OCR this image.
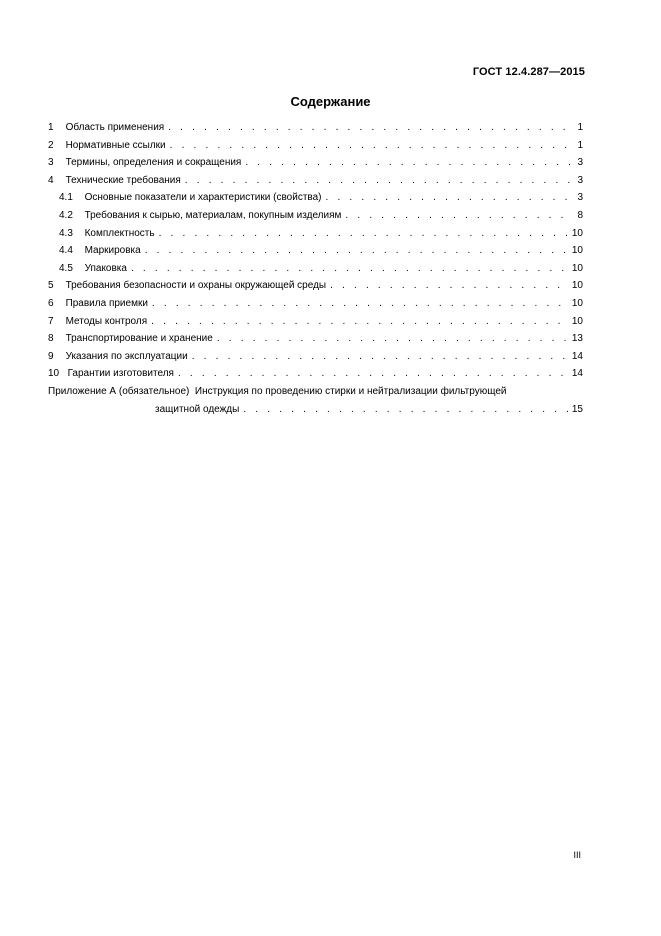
ГОСТ 12.4.287—2015
Содержание
1 Область применения . . .	1
2 Нормативные ссылки . . .	1
3 Термины, определения и сокращения . . .	3
4 Технические требования . . .	3
4.1 Основные показатели и характеристики (свойства) . . .	3
4.2 Требования к сырью, материалам, покупным изделиям . . .	8
4.3 Комплектность . . .	10
4.4 Маркировка . . .	10
4.5 Упаковка . . .	10
5 Требования безопасности и охраны окружающей среды . . .	10
6 Правила приемки . . .	10
7 Методы контроля . . .	10
8 Транспортирование и хранение . . .	13
9 Указания по эксплуатации . . .	14
10 Гарантии изготовителя . . .	14
Приложение А (обязательное) Инструкция по проведению стирки и нейтрализации фильтрующей
защитной одежды . . .	15
III
